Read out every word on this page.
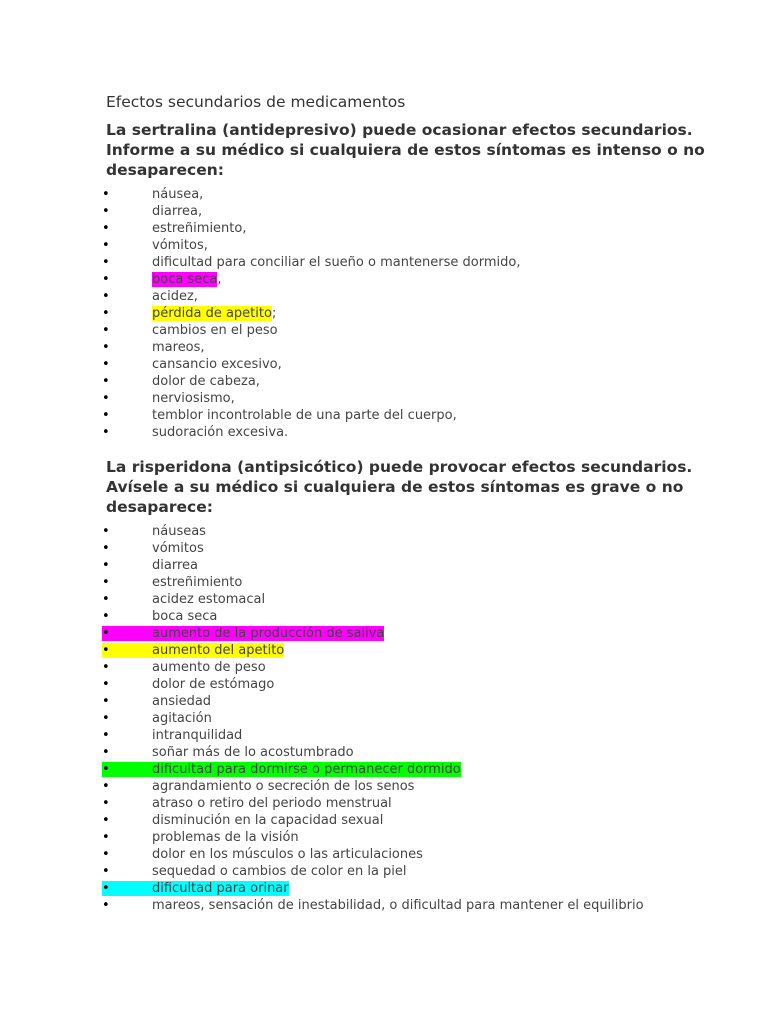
Efectos secundarios de medicamentos
La sertralina (antidepresivo) puede ocasionar efectos secundarios. Informe a su médico si cualquiera de estos síntomas es intenso o no desaparecen:
•	náusea,
•	diarrea,
•	estreñimiento,
•	vómitos,
•	dificultad para conciliar el sueño o mantenerse dormido,
•	boca seca,
•	acidez,
•	pérdida de apetito;
•	cambios en el peso
•	mareos,
•	cansancio excesivo,
•	dolor de cabeza,
•	nerviosismo,
•	temblor incontrolable de una parte del cuerpo,
•	sudoración excesiva.
La risperidona (antipsicótico) puede provocar efectos secundarios. Avísele a su médico si cualquiera de estos síntomas es grave o no desaparece:
•	náuseas
•	vómitos
•	diarrea
•	estreñimiento
•	acidez estomacal
•	boca seca
•	aumento de la producción de saliva
•	aumento del apetito
•	aumento de peso
•	dolor de estómago
•	ansiedad
•	agitación
•	intranquilidad
•	soñar más de lo acostumbrado
•	dificultad para dormirse o permanecer dormido
•	agrandamiento o secreción de los senos
•	atraso o retiro del periodo menstrual
•	disminución en la capacidad sexual
•	problemas de la visión
•	dolor en los músculos o las articulaciones
•	sequedad o cambios de color en la piel
•	dificultad para orinar
•	mareos, sensación de inestabilidad, o dificultad para mantener el equilibrio
